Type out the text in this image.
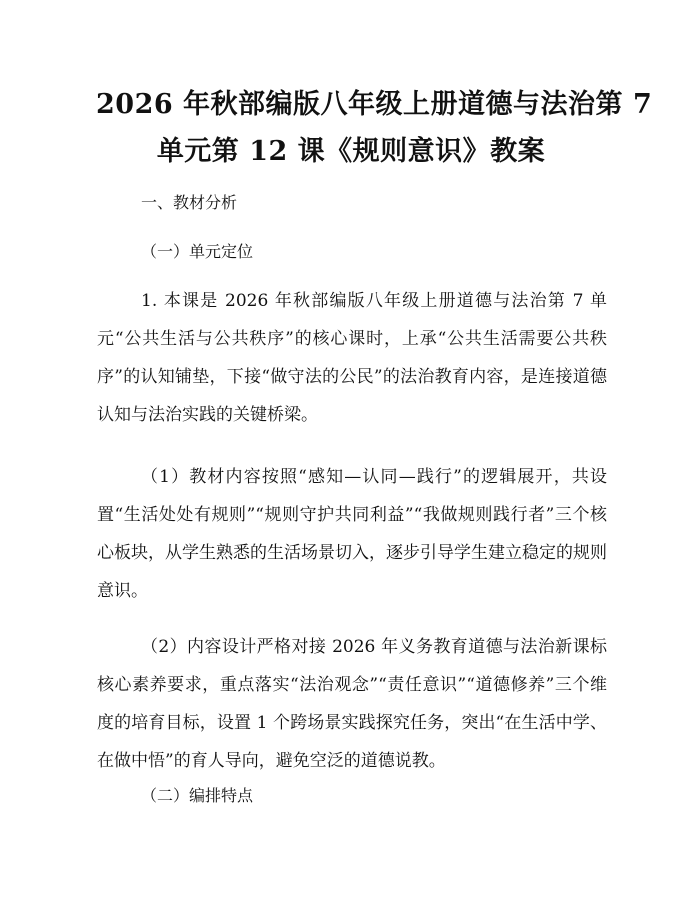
2026 年秋部编版八年级上册道德与法治第 7
单元第 12 课《规则意识》教案

一、教材分析

（一）单元定位

1. 本课是 2026 年秋部编版八年级上册道德与法治第 7 单元“公共生活与公共秩序”的核心课时，上承“公共生活需要公共秩序”的认知铺垫，下接“做守法的公民”的法治教育内容，是连接道德认知与法治实践的关键桥梁。

（1）教材内容按照“感知—认同—践行”的逻辑展开，共设置“生活处处有规则”“规则守护共同利益”“我做规则践行者”三个核心板块，从学生熟悉的生活场景切入，逐步引导学生建立稳定的规则意识。

（2）内容设计严格对接 2026 年义务教育道德与法治新课标核心素养要求，重点落实“法治观念”“责任意识”“道德修养”三个维度的培育目标，设置 1 个跨场景实践探究任务，突出“在生活中学、在做中悟”的育人导向，避免空泛的道德说教。

（二）编排特点
